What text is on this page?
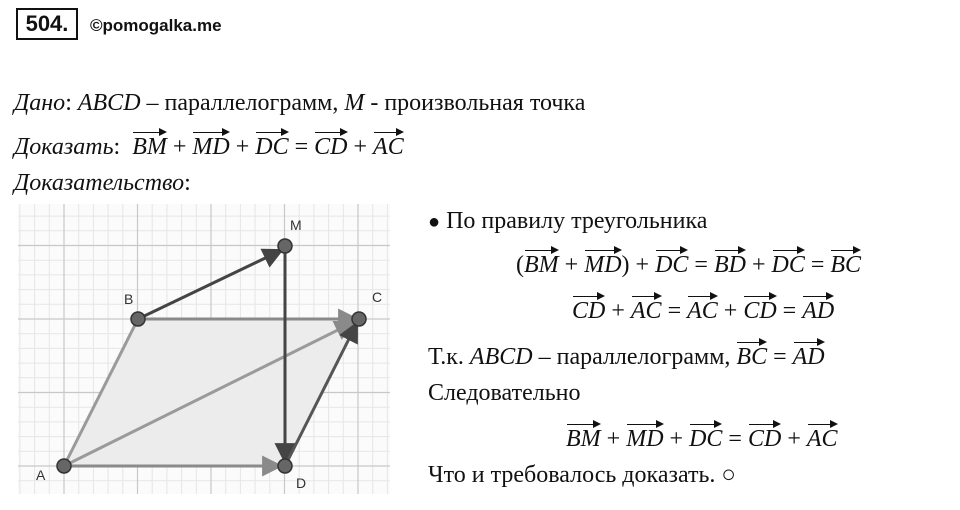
504.	©pomogalka.me
Дано: ABCD – параллелограмм, M - произвольная точка
Доказать: BM + MD + DC = CD + AC
Доказательство:
A
B	C
D
M	● По правилу треугольника
(BM + MD) + DC = BD + DC = BC
CD + AC = AC + CD = AD
Т.к. ABCD – параллелограмм, BC = AD
Следовательно
BM + MD + DC = CD + AC
Что и требовалось доказать. ○
